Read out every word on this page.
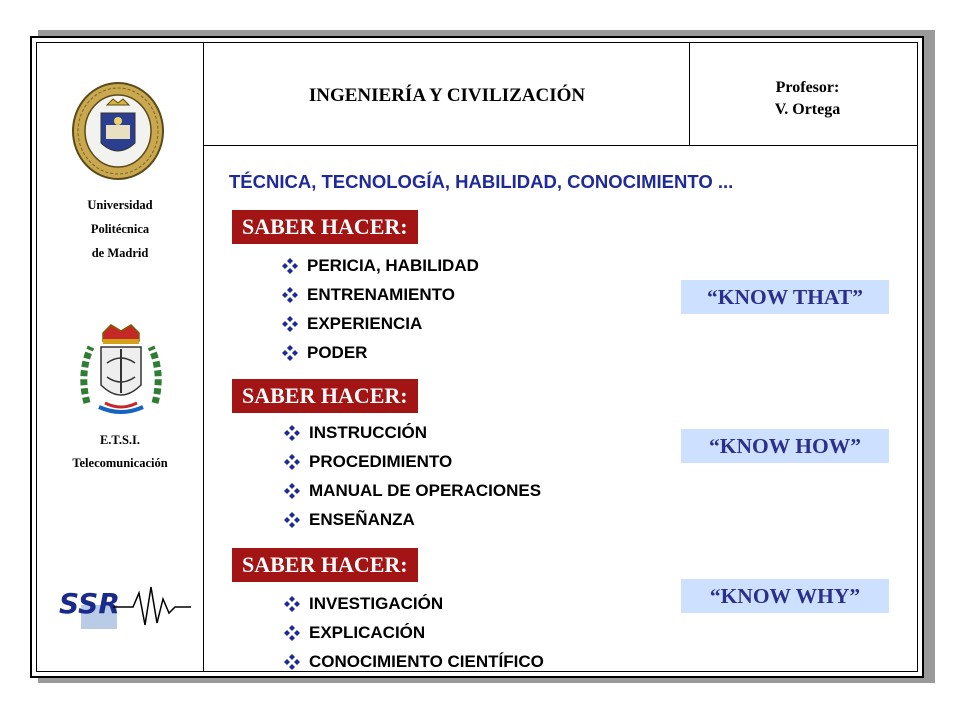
Universidad
Politécnica
de Madrid
E.T.S.I.
Telecomunicación
SSR
INGENIERÍA Y CIVILIZACIÓN	Profesor:
V. Ortega
TÉCNICA, TECNOLOGÍA, HABILIDAD, CONOCIMIENTO ...
SABER HACER:
PERICIA, HABILIDAD
ENTRENAMIENTO
EXPERIENCIA
PODER
“KNOW THAT”
SABER HACER:
INSTRUCCIÓN
PROCEDIMIENTO
MANUAL DE OPERACIONES
ENSEÑANZA
“KNOW HOW”
SABER HACER:
INVESTIGACIÓN
EXPLICACIÓN
CONOCIMIENTO CIENTÍFICO
“KNOW WHY”
